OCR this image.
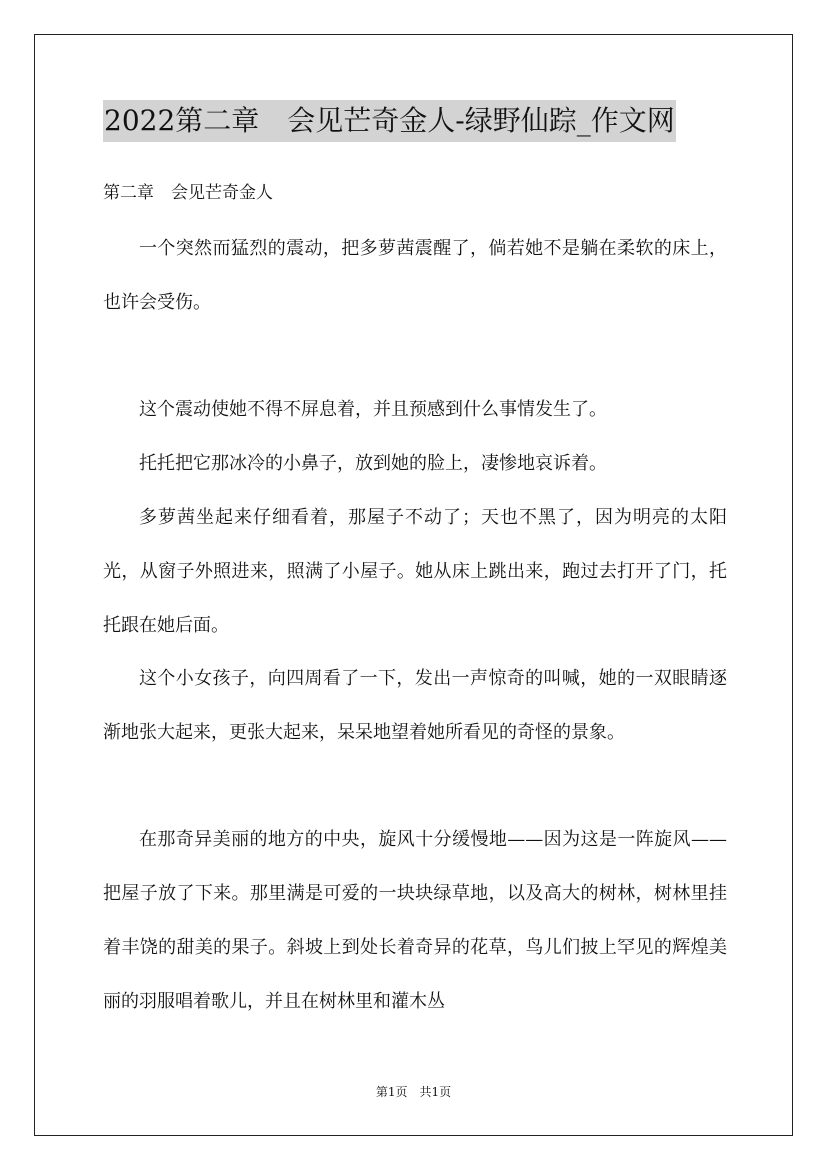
2022第二章　会见芒奇金人-绿野仙踪_作文网
第二章　会见芒奇金人

一个突然而猛烈的震动，把多萝茜震醒了，倘若她不是躺在柔软的床上，也许会受伤。

这个震动使她不得不屏息着，并且预感到什么事情发生了。

托托把它那冰冷的小鼻子，放到她的脸上，凄惨地哀诉着。

多萝茜坐起来仔细看着，那屋子不动了；天也不黑了，因为明亮的太阳光，从窗子外照进来，照满了小屋子。她从床上跳出来，跑过去打开了门，托托跟在她后面。

这个小女孩子，向四周看了一下，发出一声惊奇的叫喊，她的一双眼睛逐渐地张大起来，更张大起来，呆呆地望着她所看见的奇怪的景象。

在那奇异美丽的地方的中央，旋风十分缓慢地——因为这是一阵旋风——把屋子放了下来。那里满是可爱的一块块绿草地，以及高大的树林，树林里挂着丰饶的甜美的果子。斜坡上到处长着奇异的花草，鸟儿们披上罕见的辉煌美丽的羽服唱着歌儿，并且在树林里和灌木丛

第1页　共1页
